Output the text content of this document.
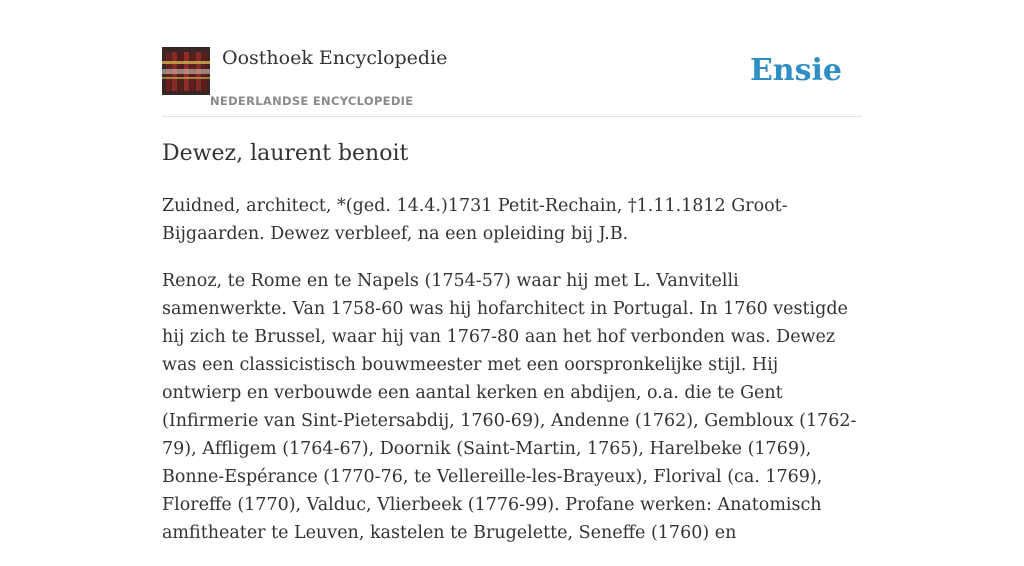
Oosthoek Encyclopedie
NEDERLANDSE ENCYCLOPEDIE
Ensie
Dewez, laurent benoit

Zuidned, architect, *(ged. 14.4.)1731 Petit-Rechain, †1.11.1812 Groot-Bijgaarden. Dewez verbleef, na een opleiding bij J.B.

Renoz, te Rome en te Napels (1754-57) waar hij met L. Vanvitelli samenwerkte. Van 1758-60 was hij hofarchitect in Portugal. In 1760 vestigde hij zich te Brussel, waar hij van 1767-80 aan het hof verbonden was. Dewez was een classicistisch bouwmeester met een oorspronkelijke stijl. Hij ontwierp en verbouwde een aantal kerken en abdijen, o.a. die te Gent (Infirmerie van Sint-Pietersabdij, 1760-69), Andenne (1762), Gembloux (1762-79), Affligem (1764-67), Doornik (Saint-Martin, 1765), Harelbeke (1769), Bonne-Espérance (1770-76, te Vellereille-les-Brayeux), Florival (ca. 1769), Floreffe (1770), Valduc, Vlierbeek (1776-99). Profane werken: Anatomisch amfitheater te Leuven, kastelen te Brugelette, Seneffe (1760) en
